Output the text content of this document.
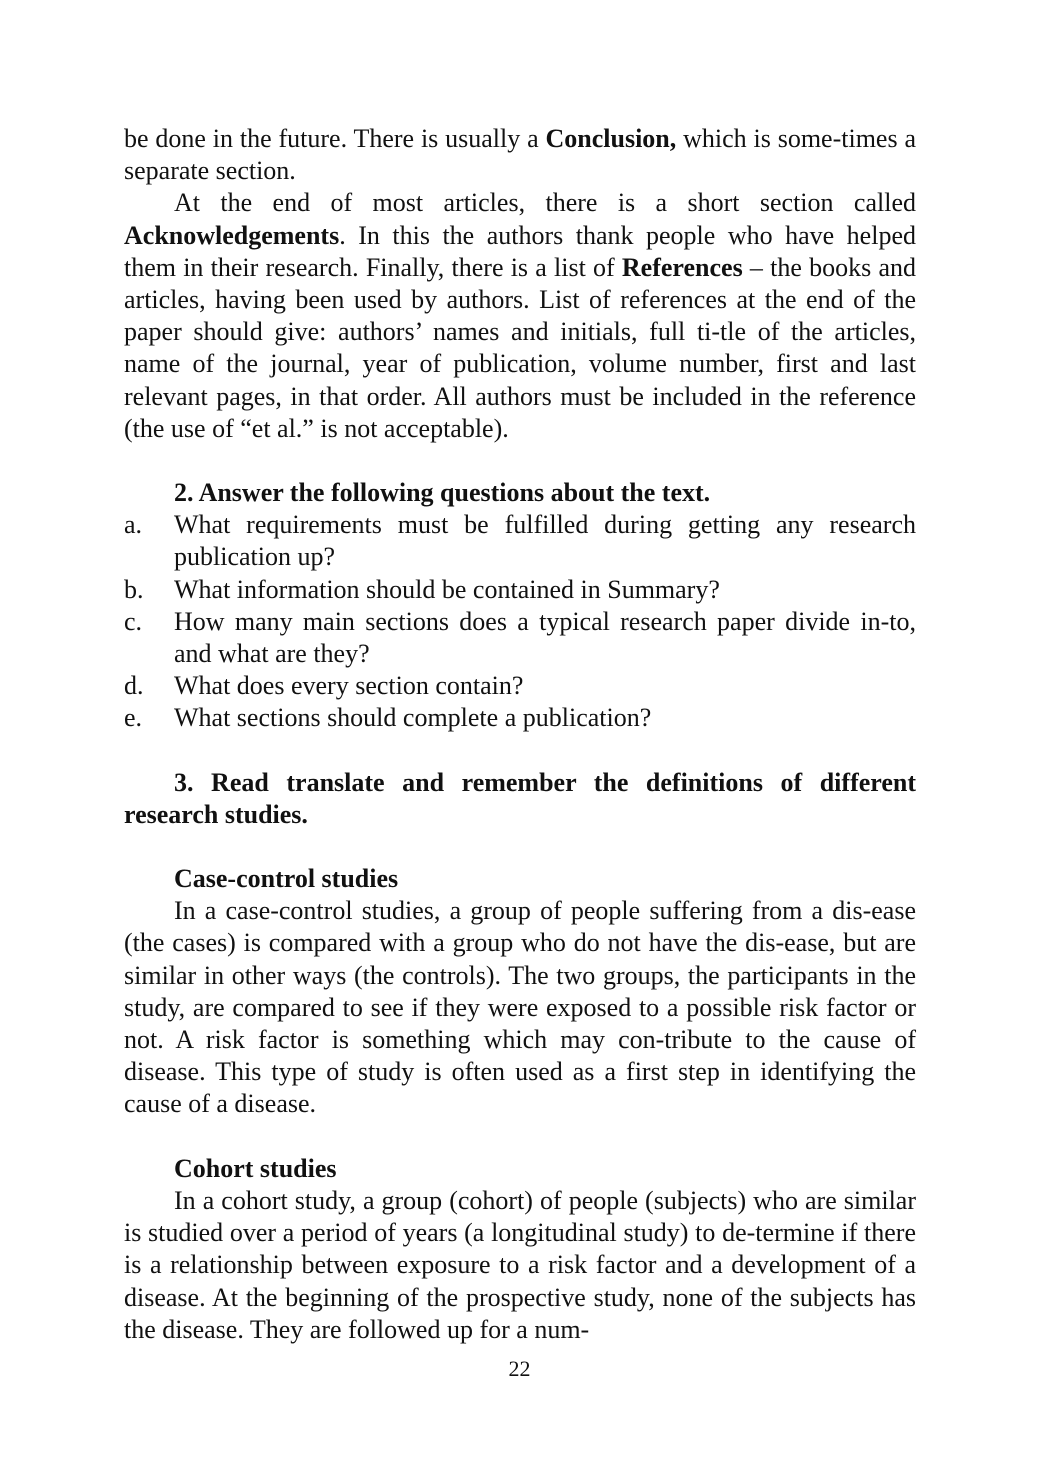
be done in the future. There is usually a Conclusion, which is some-times a separate section.

At the end of most articles, there is a short section called Acknowledgements. In this the authors thank people who have helped them in their research. Finally, there is a list of References – the books and articles, having been used by authors. List of references at the end of the paper should give: authors’ names and initials, full ti-tle of the articles, name of the journal, year of publication, volume number, first and last relevant pages, in that order. All authors must be included in the reference (the use of “et al.” is not acceptable).

2. Answer the following questions about the text.

a. What requirements must be fulfilled during getting any research publication up?
b. What information should be contained in Summary?
c. How many main sections does a typical research paper divide in-to, and what are they?
d. What does every section contain?
e. What sections should complete a publication?

3. Read translate and remember the definitions of different research studies.

Case-control studies

In a case-control studies, a group of people suffering from a dis-ease (the cases) is compared with a group who do not have the dis-ease, but are similar in other ways (the controls). The two groups, the participants in the study, are compared to see if they were exposed to a possible risk factor or not. A risk factor is something which may con-tribute to the cause of disease. This type of study is often used as a first step in identifying the cause of a disease.

Cohort studies

In a cohort study, a group (cohort) of people (subjects) who are similar is studied over a period of years (a longitudinal study) to de-termine if there is a relationship between exposure to a risk factor and a development of a disease. At the beginning of the prospective study, none of the subjects has the disease. They are followed up for a num-

22
